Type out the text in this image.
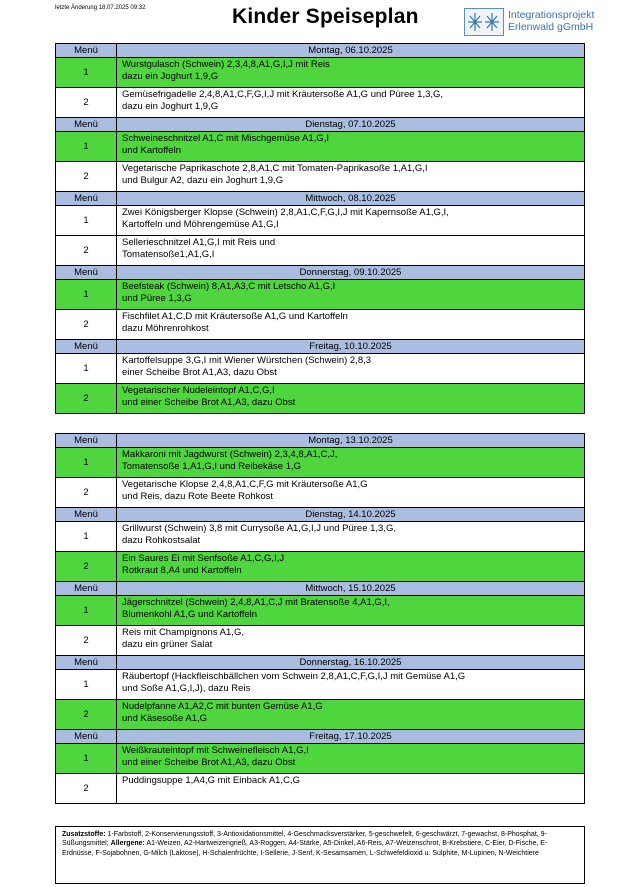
letzte Änderung 18.07.2025 09:32	Kinder Speiseplan	Integrationsprojekt
Erlenwald gGmbH
Menü	Montag, 06.10.2025
1	Wurstgulasch (Schwein) 2,3,4,8,A1,G,I,J mit Reis
dazu ein Joghurt 1,9,G

2	Gemüsefrigadelle 2,4,8,A1,C,F,G,I,J mit Kräutersoße A1,G und Püree 1,3,G,
dazu ein Joghurt 1,9,G

Menü	Dienstag, 07.10.2025
1	Schweineschnitzel A1,C mit Mischgemüse A1,G,I
und Kartoffeln

2	Vegetarische Paprikaschote 2,8,A1,C mit Tomaten-Paprikasoße 1,A1,G,I
und Bulgur A2, dazu ein Joghurt 1,9,G

Menü	Mittwoch, 08.10.2025
1	Zwei Königsberger Klopse (Schwein) 2,8,A1,C,F,G,I,J mit Kapernsoße A1,G,I,
Kartoffeln und Möhrengemüse A1,G,I

2	Sellerieschnitzel A1,G,I mit Reis und
Tomatensoße1,A1,G,I

Menü	Donnerstag, 09.10.2025
1	Beefsteak (Schwein) 8,A1,A3,C mit Letscho A1,G,I
und Püree 1,3,G

2	Fischfilet A1,C,D mit Kräutersoße A1,G und Kartoffeln
dazu Möhrenrohkost

Menü	Freitag, 10.10.2025
1	Kartoffelsuppe 3,G,I mit Wiener Würstchen (Schwein) 2,8,3
einer Scheibe Brot A1,A3, dazu Obst

2	Vegetarischer Nudeleintopf A1,C,G,I
und einer Scheibe Brot A1,A3, dazu Obst
Menü	Montag, 13.10.2025
1	Makkaroni mit Jagdwurst (Schwein) 2,3,4,8,A1,C,J,
Tomatensoße 1,A1,G,I und Reibekäse 1,G

2	Vegetarische Klopse 2,4,8,A1,C,F,G mit Kräutersoße A1,G
und Reis, dazu Rote Beete Rohkost

Menü	Dienstag, 14.10.2025
1	Grillwurst (Schwein) 3,8 mit Currysoße A1,G,I,J und Püree 1,3,G,
dazu Rohkostsalat

2	Ein Saures Ei mit Senfsoße A1,C,G,I,J
Rotkraut 8,A4 und Kartoffeln

Menü	Mittwoch, 15.10.2025
1	Jägerschnitzel (Schwein) 2,4,8,A1,C,J mit Bratensoße 4,A1,G,I,
Blumenkohl A1,G und Kartoffeln

2	Reis mit Champignons A1,G,
dazu ein grüner Salat

Menü	Donnerstag, 16.10.2025
1	Räubertopf (Hackfleischbällchen vom Schwein 2,8,A1,C,F,G,I,J mit Gemüse A1,G
und Soße A1,G,I,J), dazu Reis

2	Nudelpfanne A1,A2,C mit bunten Gemüse A1,G
und Käsesoße A1,G

Menü	Freitag, 17.10.2025
1	Weißkrauteintopf mit Schweinefleisch A1,G,I
und einer Scheibe Brot A1,A3, dazu Obst

2	Puddingsuppe 1,A4,G mit Einback A1,C,G
Zusatzstoffe: 1-Farbstoff, 2-Konservierungsstoff, 3-Antioxidationsmittel, 4-Geschmacksverstärker, 5-geschwefelt, 6-geschwärzt, 7-gewachst, 8-Phosphat, 9-Süßungsmittel; Allergene: A1-Weizen, A2-Hartweizengrieß, A3-Roggen, A4-Stärke, A5-Dinkel, A6-Reis, A7-Weizenschrot, B-Krebstiere, C-Eier, D-Fische, E-Erdnüsse, F-Sojabohnen, G-Milch (Laktose), H-Schalenfrüchte, I-Sellerie, J-Senf, K-Sesamsamen, L-Schwefeldioxid u. Sulphite, M-Lupinen, N-Weichtiere
